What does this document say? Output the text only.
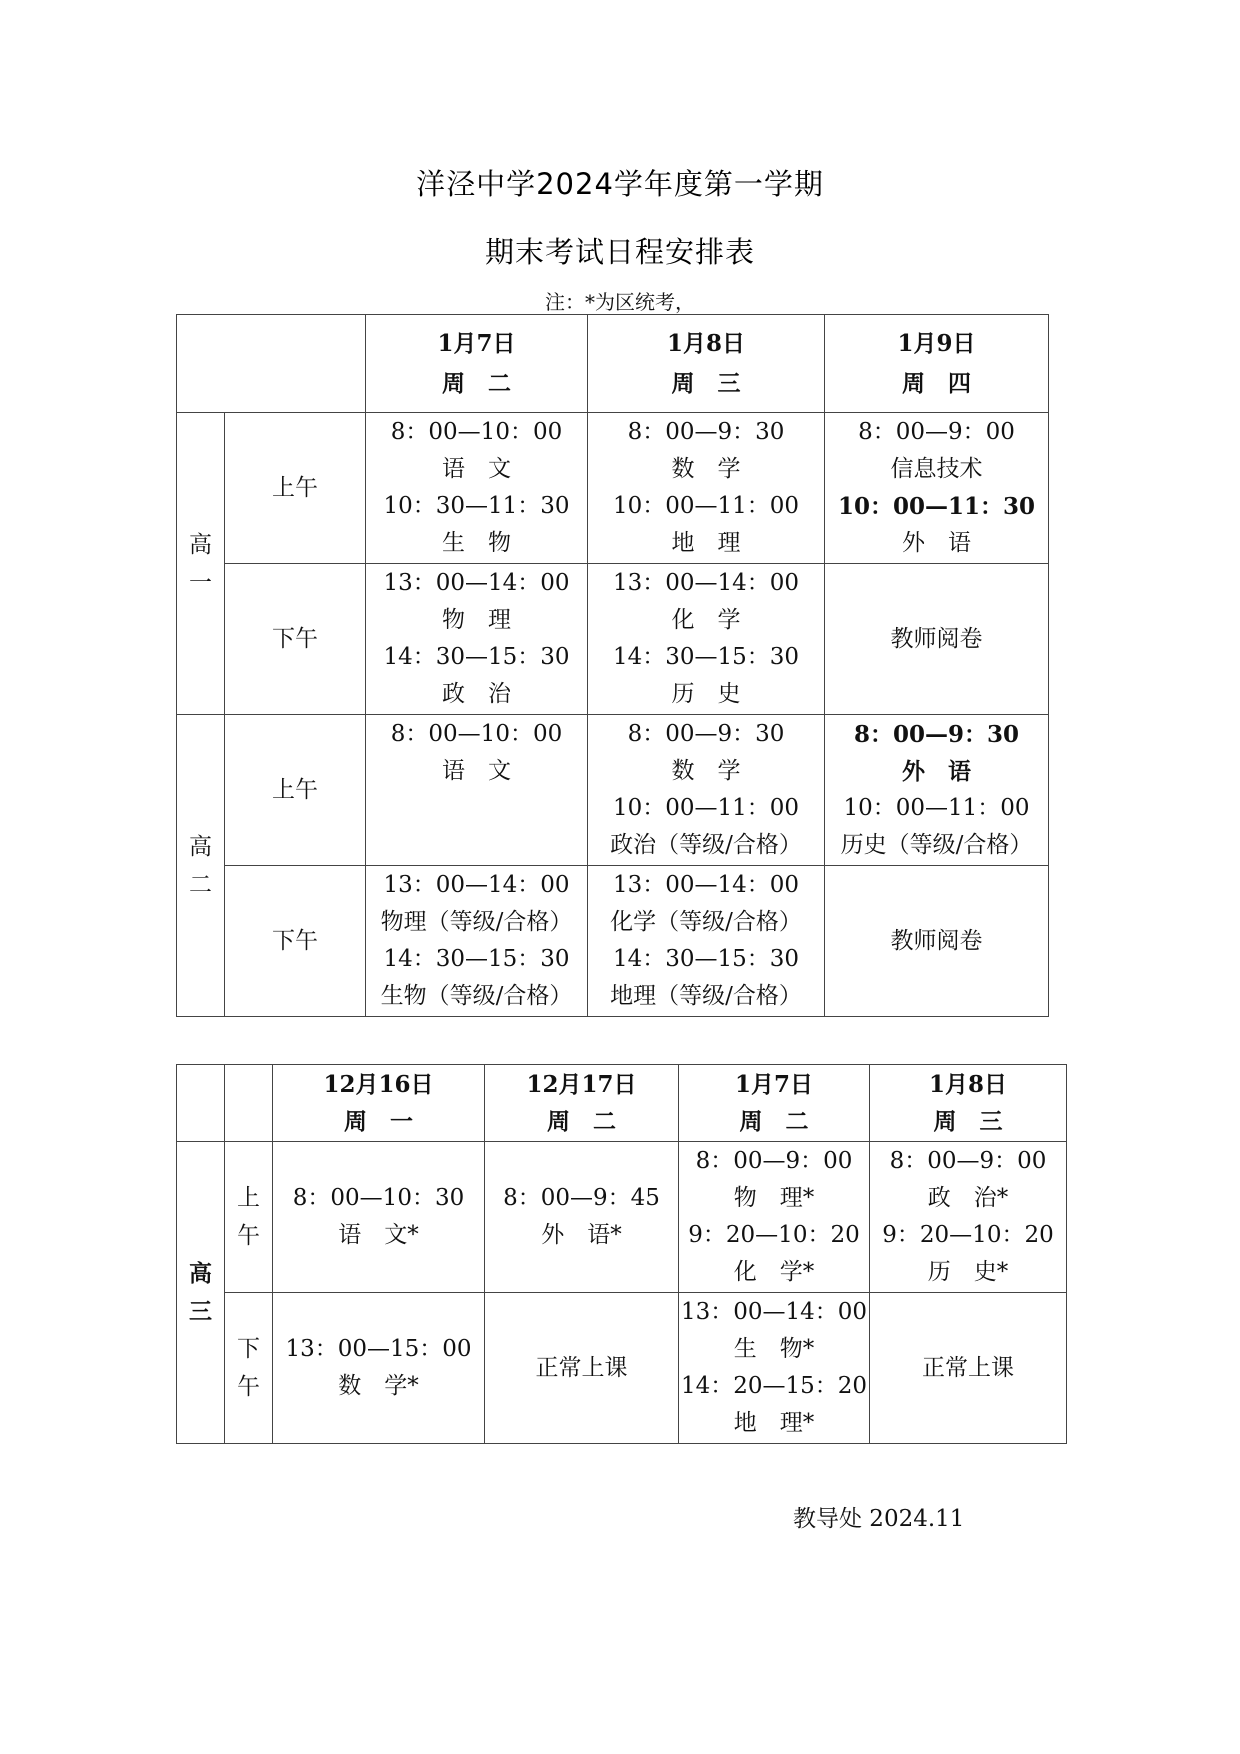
洋泾中学2024学年度第一学期
期末考试日程安排表
注：*为区统考，

		1月7日
周　二	1月8日
周　三	1月9日
周　四

高
一	上午	8：00—10：00
语　文
10：30—11：30
生　物	8：00—9：30
数　学
10：00—11：00
地　理	8：00—9：00
信息技术
10：00—11：30
外　语

	下午	13：00—14：00
物　理
14：30—15：30
政　治	13：00—14：00
化　学
14：30—15：30
历　史	教师阅卷

高
二	上午	8：00—10：00
语　文	8：00—9：30
数　学
10：00—11：00
政治（等级/合格）	8：00—9：30
外　语
10：00—11：00
历史（等级/合格）

	下午	13：00—14：00
物理（等级/合格）
14：30—15：30
生物（等级/合格）	13：00—14：00
化学（等级/合格）
14：30—15：30
地理（等级/合格）	教师阅卷

		12月16日
周　一	12月17日
周　二	1月7日
周　二	1月8日
周　三

高
三	上
午	8：00—10：30
语　文*	8：00—9：45
外　语*	8：00—9：00
物　理*
9：20—10：20
化　学*	8：00—9：00
政　治*
9：20—10：20
历　史*

	下
午	13：00—15：00
数　学*	正常上课	13：00—14：00
生　物*
14：20—15：20
地　理*	正常上课
教导处 2024.11
